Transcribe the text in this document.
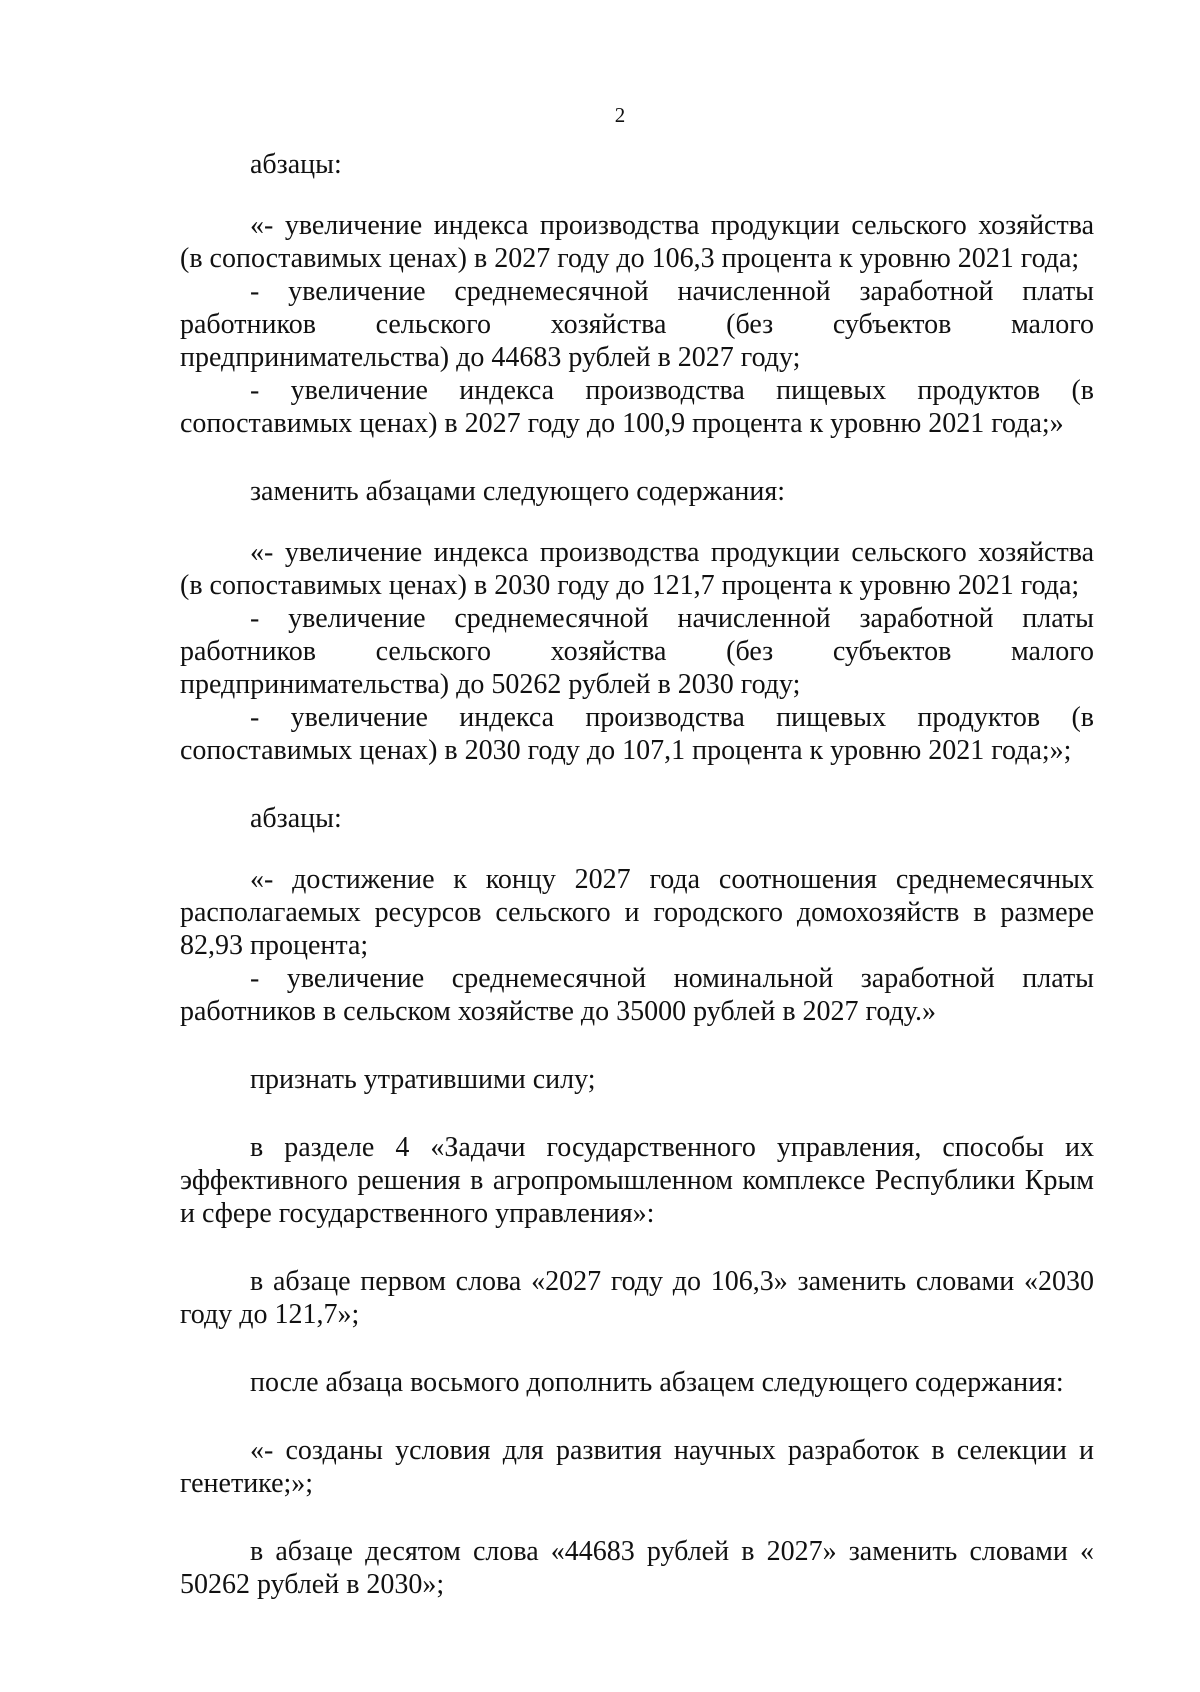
2

абзацы:

«- увеличение индекса производства продукции сельского хозяйства (в сопоставимых ценах) в 2027 году до 106,3 процента к уровню 2021 года;

- увеличение среднемесячной начисленной заработной платы работников сельского хозяйства (без субъектов малого предпринимательства) до 44683 рублей в 2027 году;

- увеличение индекса производства пищевых продуктов (в сопоставимых ценах) в 2027 году до 100,9 процента к уровню 2021 года;»

заменить абзацами следующего содержания:

«- увеличение индекса производства продукции сельского хозяйства (в сопоставимых ценах) в 2030 году до 121,7 процента к уровню 2021 года;

- увеличение среднемесячной начисленной заработной платы работников сельского хозяйства (без субъектов малого предпринимательства) до 50262 рублей в 2030 году;

- увеличение индекса производства пищевых продуктов (в сопоставимых ценах) в 2030 году до 107,1 процента к уровню 2021 года;»;

абзацы:

«- достижение к концу 2027 года соотношения среднемесячных располагаемых ресурсов сельского и городского домохозяйств в размере 82,93 процента;

- увеличение среднемесячной номинальной заработной платы работников в сельском хозяйстве до 35000 рублей в 2027 году.»

признать утратившими силу;

в разделе 4 «Задачи государственного управления, способы их эффективного решения в агропромышленном комплексе Республики Крым и сфере государственного управления»:

в абзаце первом слова «2027 году до 106,3» заменить словами «2030 году до 121,7»;

после абзаца восьмого дополнить абзацем следующего содержания:

«- созданы условия для развития научных разработок в селекции и генетике;»;

в абзаце десятом слова «44683 рублей в 2027» заменить словами « 50262 рублей в 2030»;
